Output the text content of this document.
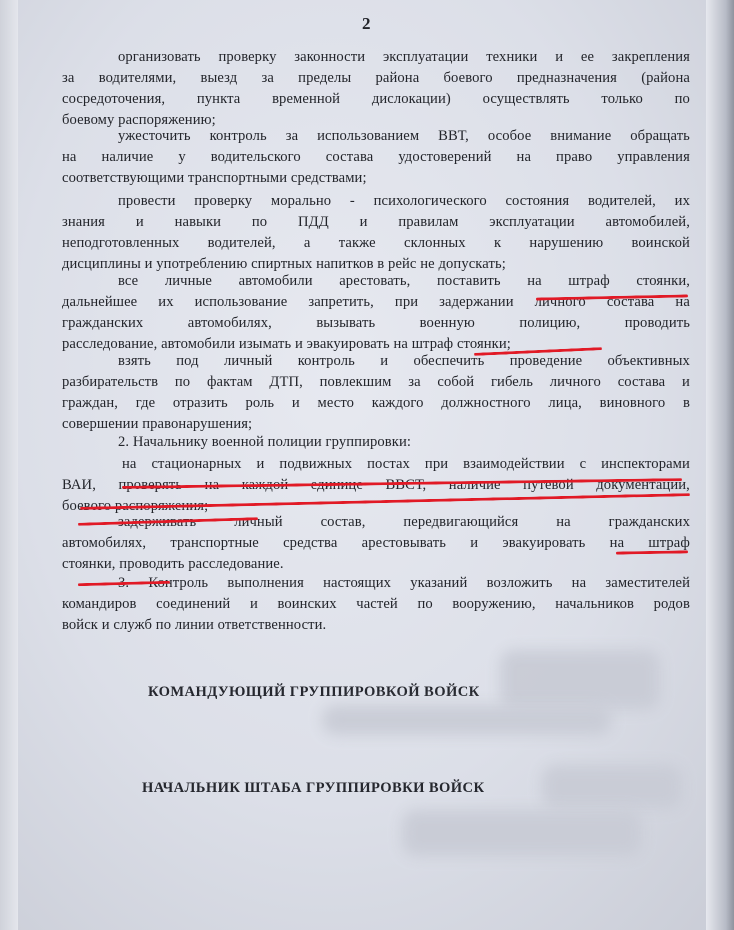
2
организовать проверку законности эксплуатации техники и ее закрепления
за водителями, выезд за пределы района боевого предназначения (района
сосредоточения, пункта временной дислокации) осуществлять только по
боевому распоряжению;
ужесточить контроль за использованием ВВТ, особое внимание обращать
на наличие у водительского состава удостоверений на право управления
соответствующими транспортными средствами;
провести проверку морально - психологического состояния водителей, их
знания и навыки по ПДД и правилам эксплуатации автомобилей,
неподготовленных водителей, а также склонных к нарушению воинской
дисциплины и употреблению спиртных напитков в рейс не допускать;
все личные автомобили арестовать, поставить на штраф стоянки,
дальнейшее их использование запретить, при задержании личного состава на
гражданских	автомобилях,	вызывать	военную	полицию,	проводить
расследование, автомобили изымать и эвакуировать на штраф стоянки;
взять под личный контроль и обеспечить проведение объективных
разбирательств по фактам ДТП, повлекшим за собой гибель личного состава и
граждан, где отразить роль и место каждого должностного лица, виновного в
совершении правонарушения;
2. Начальнику военной полиции группировки:
на стационарных и подвижных постах при взаимодействии с инспекторами
ВАИ, проверять на каждой единице ВВСТ, наличие путевой документации,
боевого распоряжения;
задерживать	личный	состав,	передвигающийся	на	гражданских
автомобилях, транспортные средства арестовывать и эвакуировать на штраф
стоянки, проводить расследование.
3. Контроль выполнения настоящих указаний возложить на заместителей
командиров соединений и воинских частей по вооружению, начальников родов
войск и служб по линии ответственности.
КОМАНДУЮЩИЙ ГРУППИРОВКОЙ ВОЙСК
НАЧАЛЬНИК ШТАБА ГРУППИРОВКИ ВОЙСК
